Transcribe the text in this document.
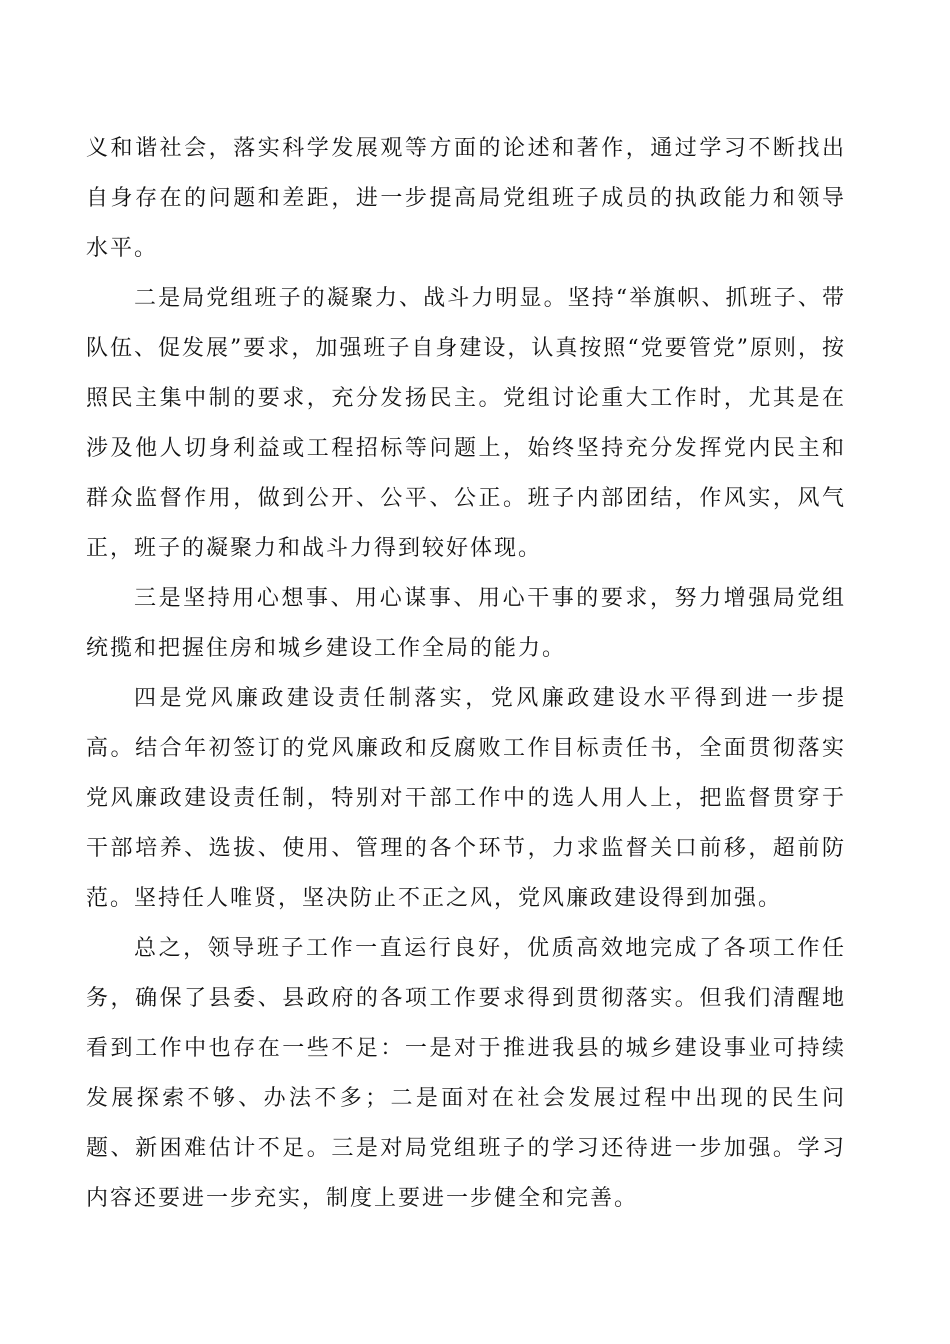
义和谐社会，落实科学发展观等方面的论述和著作，通过学习不断找出自身存在的问题和差距，进一步提高局党组班子成员的执政能力和领导水平。

二是局党组班子的凝聚力、战斗力明显。坚持“举旗帜、抓班子、带队伍、促发展”要求，加强班子自身建设，认真按照“党要管党”原则，按照民主集中制的要求，充分发扬民主。党组讨论重大工作时，尤其是在涉及他人切身利益或工程招标等问题上，始终坚持充分发挥党内民主和群众监督作用，做到公开、公平、公正。班子内部团结，作风实，风气正，班子的凝聚力和战斗力得到较好体现。

三是坚持用心想事、用心谋事、用心干事的要求，努力增强局党组统揽和把握住房和城乡建设工作全局的能力。

四是党风廉政建设责任制落实，党风廉政建设水平得到进一步提高。结合年初签订的党风廉政和反腐败工作目标责任书，全面贯彻落实党风廉政建设责任制，特别对干部工作中的选人用人上，把监督贯穿于干部培养、选拔、使用、管理的各个环节，力求监督关口前移，超前防范。坚持任人唯贤，坚决防止不正之风，党风廉政建设得到加强。

总之，领导班子工作一直运行良好，优质高效地完成了各项工作任务，确保了县委、县政府的各项工作要求得到贯彻落实。但我们清醒地看到工作中也存在一些不足：一是对于推进我县的城乡建设事业可持续发展探索不够、办法不多；二是面对在社会发展过程中出现的民生问题、新困难估计不足。三是对局党组班子的学习还待进一步加强。学习内容还要进一步充实，制度上要进一步健全和完善。
